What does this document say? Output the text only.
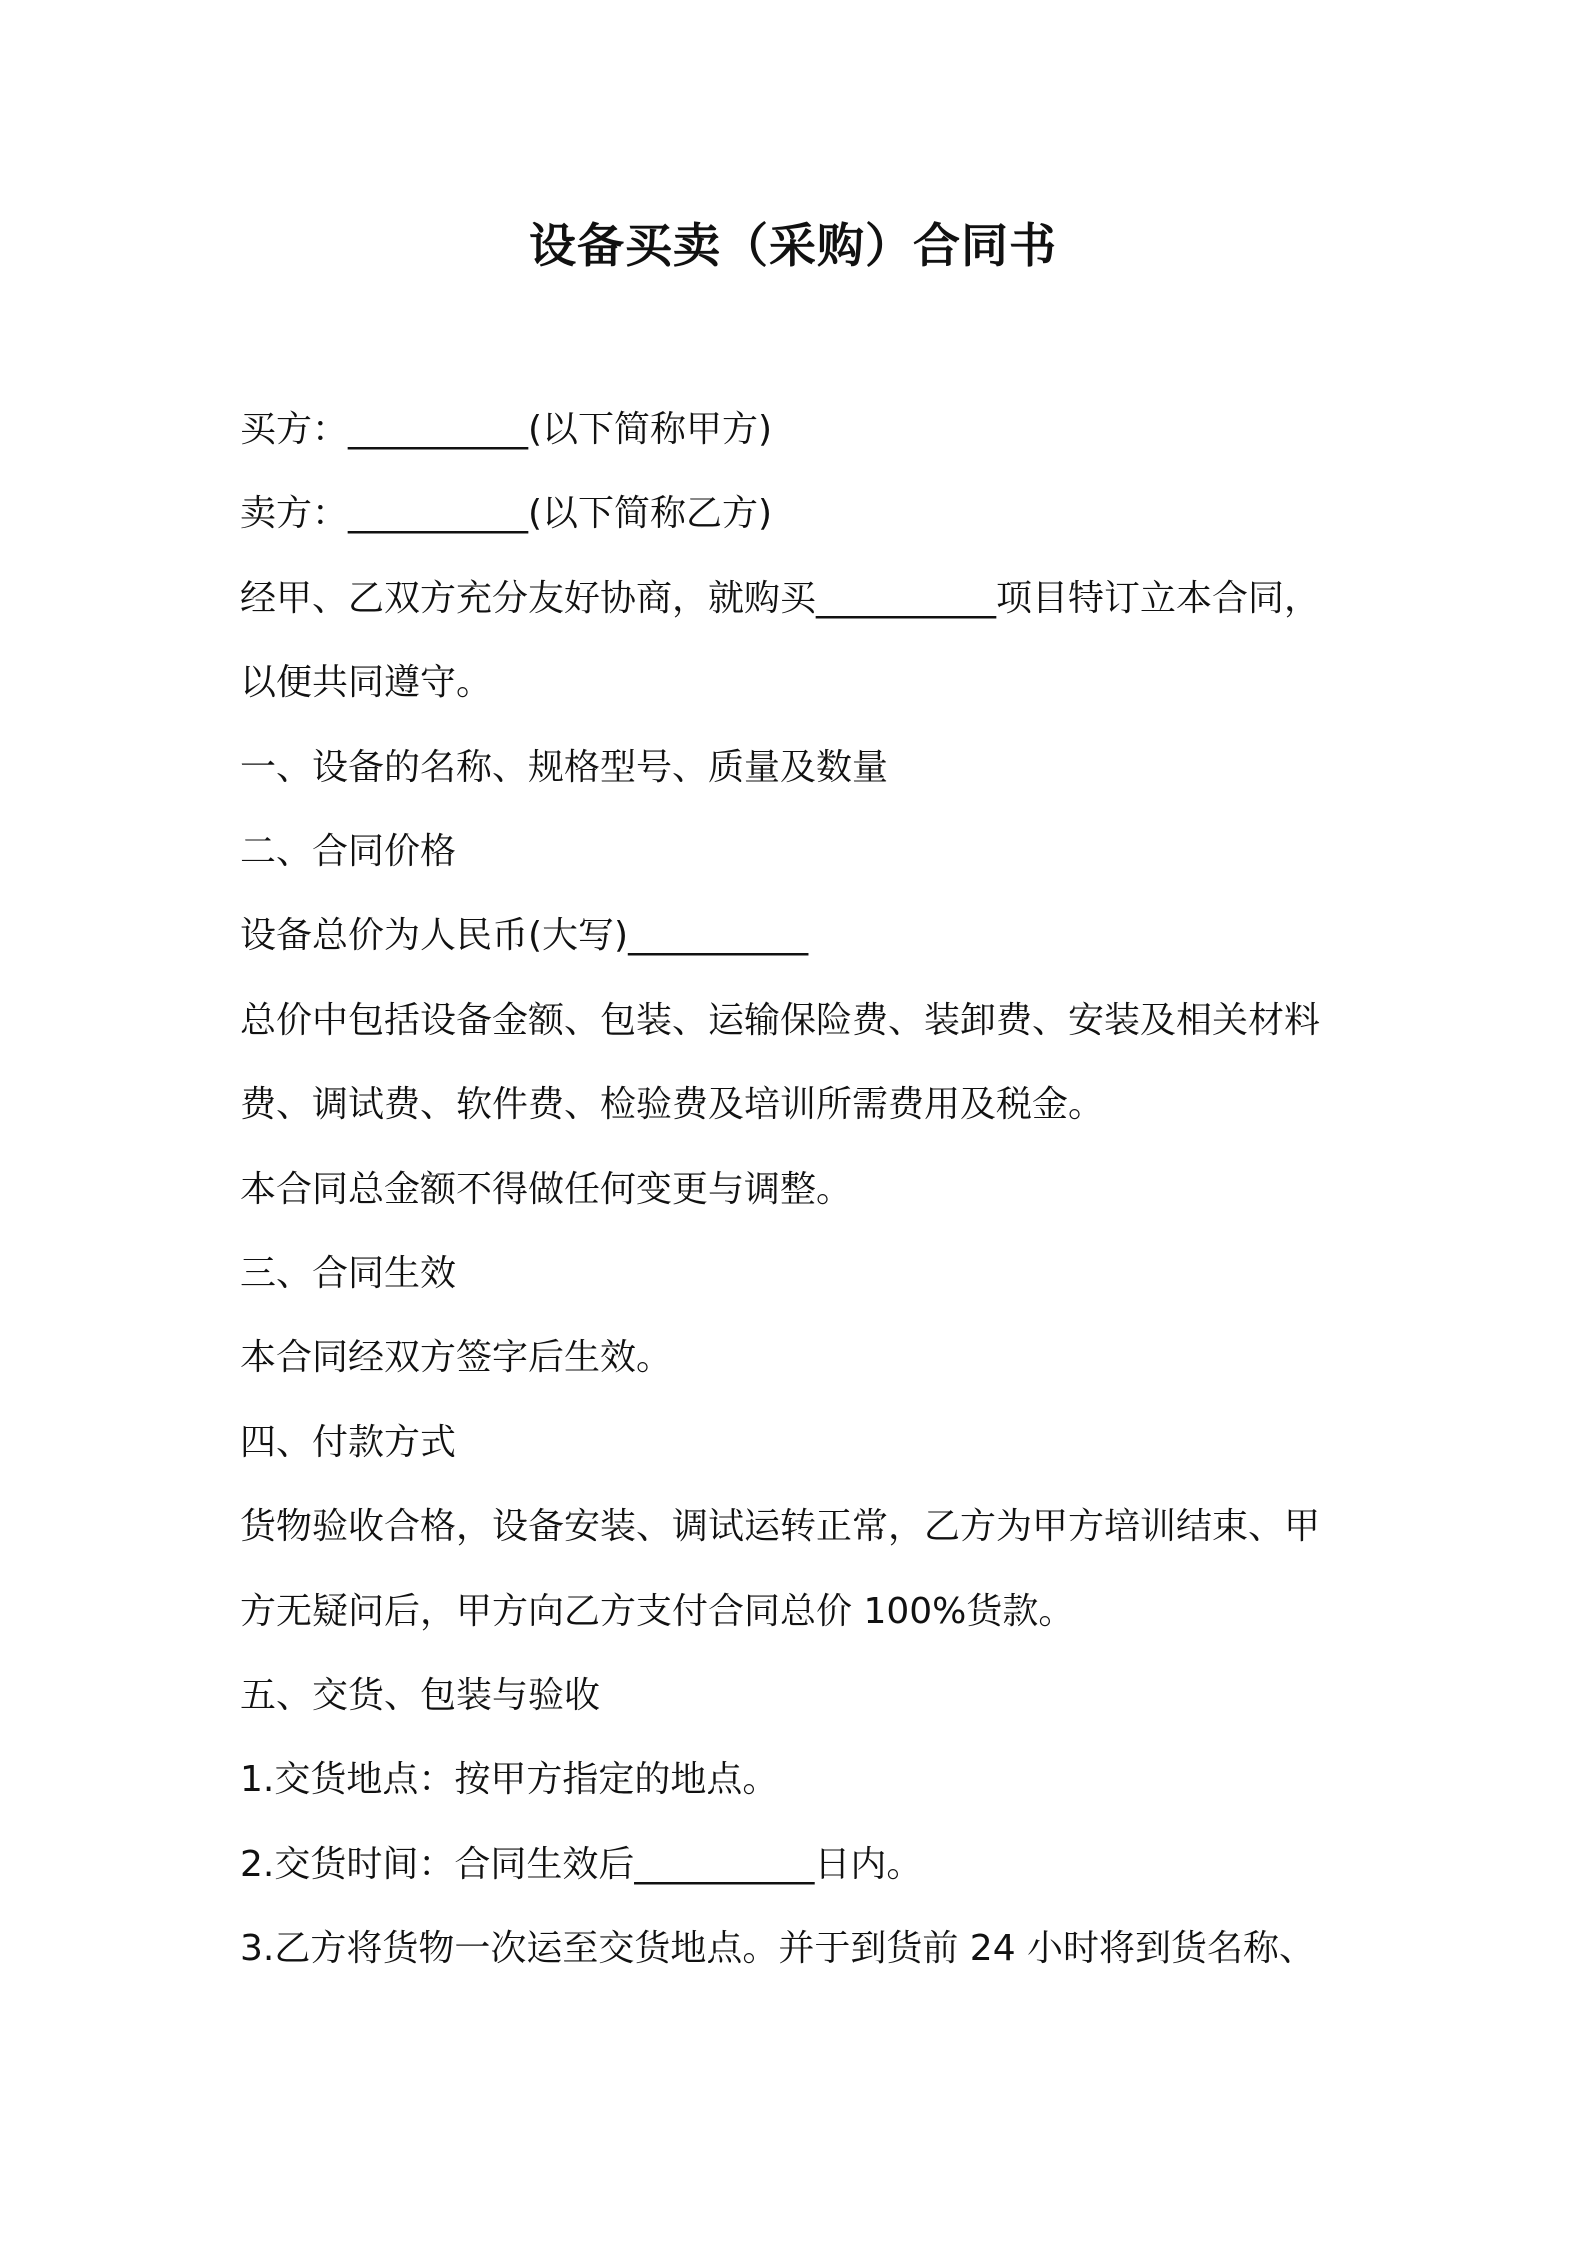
设备买卖（采购）合同书

买方：__________(以下简称甲方)

卖方：__________(以下简称乙方)

经甲、乙双方充分友好协商，就购买__________项目特订立本合同，

以便共同遵守。

一、设备的名称、规格型号、质量及数量

二、合同价格

设备总价为人民币(大写)__________

总价中包括设备金额、包装、运输保险费、装卸费、安装及相关材料

费、调试费、软件费、检验费及培训所需费用及税金。

本合同总金额不得做任何变更与调整。

三、合同生效

本合同经双方签字后生效。

四、付款方式

货物验收合格，设备安装、调试运转正常，乙方为甲方培训结束、甲

方无疑问后，甲方向乙方支付合同总价 100%货款。

五、交货、包装与验收

1.交货地点：按甲方指定的地点。

2.交货时间：合同生效后__________日内。

3.乙方将货物一次运至交货地点。并于到货前 24 小时将到货名称、
